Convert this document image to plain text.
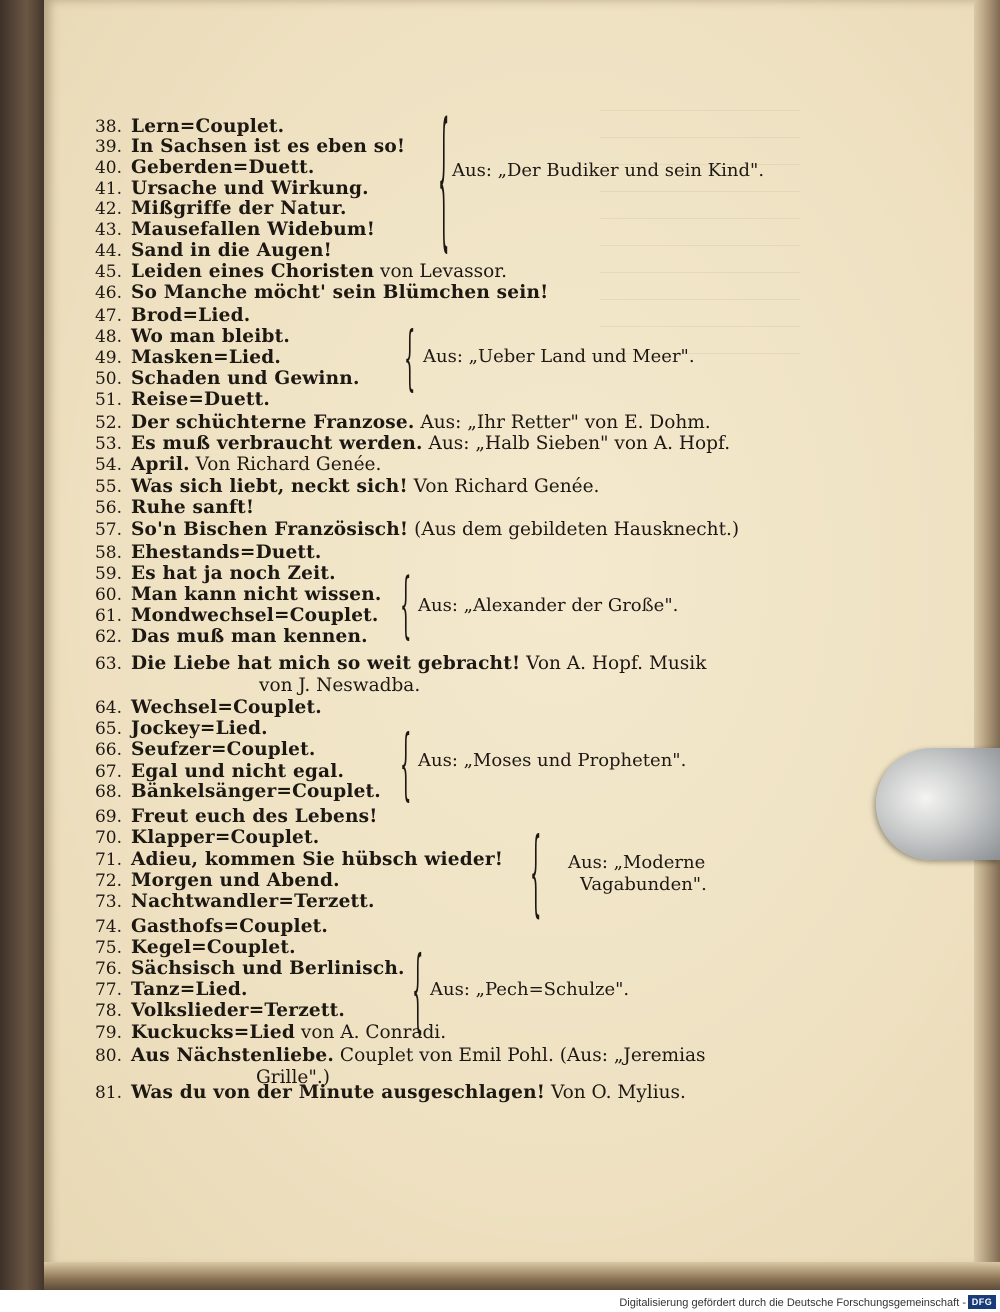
38. Lern=Couplet.
39. In Sachsen ist es eben so!
40. Geberden=Duett.
41. Ursache und Wirkung.
42. Mißgriffe der Natur.
43. Mausefallen Widebum!
44. Sand in die Augen!
45. Leiden eines Choristen von Levassor.
46. So Manche möcht' sein Blümchen sein!
47. Brod=Lied.
48. Wo man bleibt.
49. Masken=Lied.
50. Schaden und Gewinn.
51. Reise=Duett.
52. Der schüchterne Franzose. Aus: „Ihr Retter" von E. Dohm.
53. Es muß verbraucht werden. Aus: „Halb Sieben" von A. Hopf.
54. April. Von Richard Genée.
55. Was sich liebt, neckt sich! Von Richard Genée.
56. Ruhe sanft!
57. So'n Bischen Französisch! (Aus dem gebildeten Hausknecht.)
58. Ehestands=Duett.
59. Es hat ja noch Zeit.
60. Man kann nicht wissen.
61. Mondwechsel=Couplet.
62. Das muß man kennen.
63. Die Liebe hat mich so weit gebracht! Von A. Hopf. Musik
von J. Neswadba.
64. Wechsel=Couplet.
65. Jockey=Lied.
66. Seufzer=Couplet.
67. Egal und nicht egal.
68. Bänkelsänger=Couplet.
69. Freut euch des Lebens!
70. Klapper=Couplet.
71. Adieu, kommen Sie hübsch wieder!
72. Morgen und Abend.
73. Nachtwandler=Terzett.
74. Gasthofs=Couplet.
75. Kegel=Couplet.
76. Sächsisch und Berlinisch.
77. Tanz=Lied.
78. Volkslieder=Terzett.
79. Kuckucks=Lied von A. Conradi.
80. Aus Nächstenliebe. Couplet von Emil Pohl. (Aus: „Jeremias
Grille".)
81. Was du von der Minute ausgeschlagen! Von O. Mylius.
{ Aus: „Der Budiker und sein Kind".
{ Aus: „Ueber Land und Meer".
{ Aus: „Alexander der Große".
{ Aus: „Moses und Propheten".
{ Aus: „Moderne
Vagabunden".
{ Aus: „Pech=Schulze".
Digitalisierung gefördert durch die Deutsche Forschungsgemeinschaft - DFG
